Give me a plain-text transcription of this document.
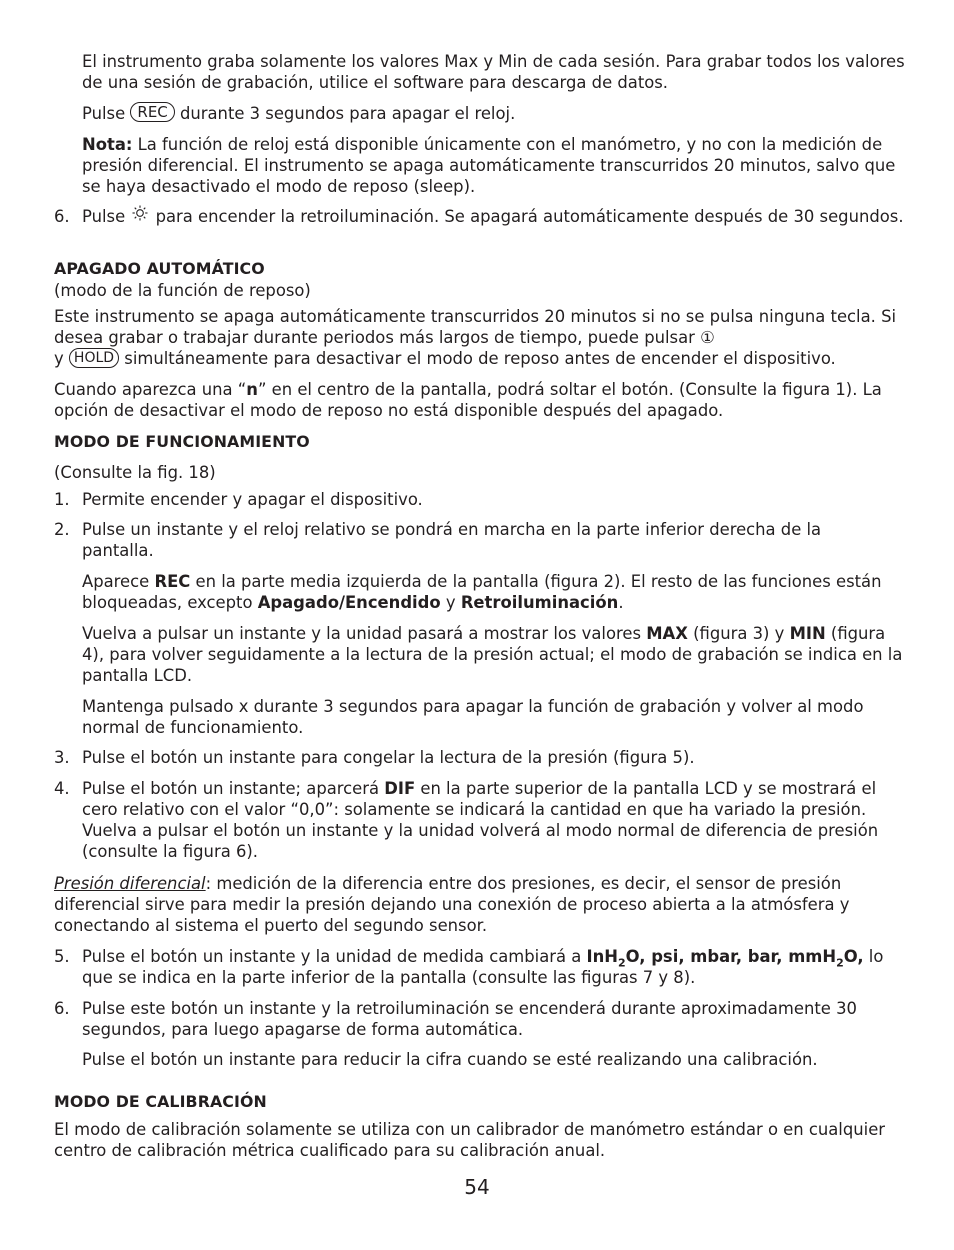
El instrumento graba solamente los valores Max y Min de cada sesión. Para grabar todos los valores de una sesión de grabación, utilice el software para descarga de datos.

Pulse REC durante 3 segundos para apagar el reloj.

Nota: La función de reloj está disponible únicamente con el manómetro, y no con la medición de presión diferencial. El instrumento se apaga automáticamente transcurridos 20 minutos, salvo que se haya desactivado el modo de reposo (sleep).

6. Pulse para encender la retroiluminación. Se apagará automáticamente después de 30 segundos.

APAGADO AUTOMÁTICO

(modo de la función de reposo)

Este instrumento se apaga automáticamente transcurridos 20 minutos si no se pulsa ninguna tecla. Si desea grabar o trabajar durante periodos más largos de tiempo, puede pulsar ①
y HOLD simultáneamente para desactivar el modo de reposo antes de encender el dispositivo.

Cuando aparezca una “n” en el centro de la pantalla, podrá soltar el botón. (Consulte la figura 1). La opción de desactivar el modo de reposo no está disponible después del apagado.

MODO DE FUNCIONAMIENTO

(Consulte la fig. 18)

1. Permite encender y apagar el dispositivo.

2. Pulse un instante y el reloj relativo se pondrá en marcha en la parte inferior derecha de la pantalla.

Aparece REC en la parte media izquierda de la pantalla (figura 2). El resto de las funciones están bloqueadas, excepto Apagado/Encendido y Retroiluminación.

Vuelva a pulsar un instante y la unidad pasará a mostrar los valores MAX (figura 3) y MIN (figura 4), para volver seguidamente a la lectura de la presión actual; el modo de grabación se indica en la pantalla LCD.

Mantenga pulsado x durante 3 segundos para apagar la función de grabación y volver al modo normal de funcionamiento.

3. Pulse el botón un instante para congelar la lectura de la presión (figura 5).

4. Pulse el botón un instante; aparcerá DIF en la parte superior de la pantalla LCD y se mostrará el cero relativo con el valor “0,0”: solamente se indicará la cantidad en que ha variado la presión. Vuelva a pulsar el botón un instante y la unidad volverá al modo normal de diferencia de presión (consulte la figura 6).

Presión diferencial: medición de la diferencia entre dos presiones, es decir, el sensor de presión diferencial sirve para medir la presión dejando una conexión de proceso abierta a la atmósfera y conectando al sistema el puerto del segundo sensor.

5. Pulse el botón un instante y la unidad de medida cambiará a InH$_2$O, psi, mbar, bar, mmH$_2$O, lo que se indica en la parte inferior de la pantalla (consulte las figuras 7 y 8).

6. Pulse este botón un instante y la retroiluminación se encenderá durante aproximadamente 30 segundos, para luego apagarse de forma automática.

Pulse el botón un instante para reducir la cifra cuando se esté realizando una calibración.

MODO DE CALIBRACIÓN

El modo de calibración solamente se utiliza con un calibrador de manómetro estándar o en cualquier centro de calibración métrica cualificado para su calibración anual.

54
